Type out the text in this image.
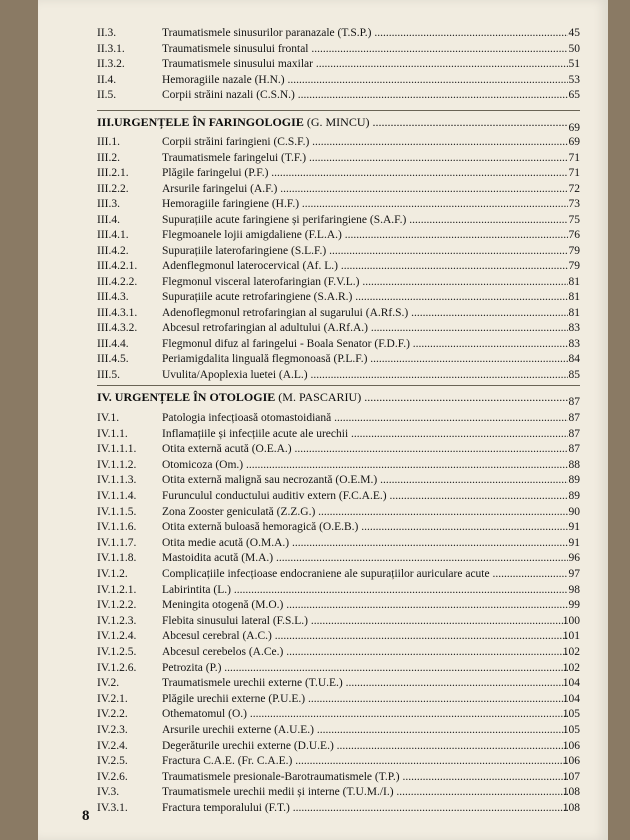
II.3.	Traumatismele sinusurilor paranazale (T.S.P.) .....	45
II.3.1.	Traumatismele sinusului frontal .....	50
II.3.2.	Traumatismele sinusului maxilar .....	51
II.4.	Hemoragiile nazale (H.N.) .....	53
II.5.	Corpii străini nazali (C.S.N.) .....	65
III.URGENȚELE ÎN FARINGOLOGIE (G. MINCU) .....	69
III.1.	Corpii străini faringieni (C.S.F.) .....	69
III.2.	Traumatismele faringelui (T.F.) .....	71
III.2.1.	Plăgile faringelui (P.F.) .....	71
III.2.2.	Arsurile faringelui (A.F.) .....	72
III.3.	Hemoragiile faringiene (H.F.) .....	73
III.4.	Supurațiile acute faringiene și perifaringiene (S.A.F.) .....	75
III.4.1.	Flegmoanele lojii amigdaliene (F.L.A.) .....	76
III.4.2.	Supurațiile laterofaringiene (S.L.F.) .....	79
III.4.2.1. Adenflegmonul laterocervical (Af. L.) .....	79
III.4.2.2. Flegmonul visceral laterofaringian (F.V.L.) .....	81
III.4.3.	Supurațiile acute retrofaringiene (S.A.R.) .....	81
III.4.3.1. Adenoflegmonul retrofaringian al sugarului (A.Rf.S.) .....	81
III.4.3.2. Abcesul retrofaringian al adultului (A.Rf.A.) .....	83
III.4.4.	Flegmonul difuz al faringelui - Boala Senator (F.D.F.) .....	83
III.4.5.	Periamigdalita linguală flegmonoasă (P.L.F.) .....	84
III.5.	Uvulita/Apoplexia luetei (A.L.) .....	85
IV. URGENȚELE ÎN OTOLOGIE (M. PASCARIU) .....	87
IV.1.	Patologia infecțioasă otomastoidiană .....	87
IV.1.1.	Inflamațiile și infecțiile acute ale urechii .....	87
IV.1.1.1. Otita externă acută (O.E.A.) .....	87
IV.1.1.2. Otomicoza (Om.) .....	88
IV.1.1.3. Otita externă malignă sau necrozantă (O.E.M.) .....	89
IV.1.1.4. Furunculul conductului auditiv extern (F.C.A.E.) .....	89
IV.1.1.5. Zona Zooster geniculată (Z.Z.G.) .....	90
IV.1.1.6. Otita externă buloasă hemoragică (O.E.B.) .....	91
IV.1.1.7. Otita medie acută (O.M.A.) .....	91
IV.1.1.8. Mastoidita acută (M.A.) .....	96
IV.1.2.	Complicațiile infecțioase endocraniene ale supurațiilor auriculare acute .....	97
IV.1.2.1. Labirintita (L.) .....	98
IV.1.2.2. Meningita otogenă (M.O.) .....	99
IV.1.2.3. Flebita sinusului lateral (F.S.L.) .....	100
IV.1.2.4. Abcesul cerebral (A.C.) .....	101
IV.1.2.5. Abcesul cerebelos (A.Ce.) .....	102
IV.1.2.6. Petrozita (P.) .....	102
IV.2.	Traumatismele urechii externe (T.U.E.) .....	104
IV.2.1.	Plăgile urechii externe (P.U.E.) .....	104
IV.2.2.	Othematomul (O.) .....	105
IV.2.3.	Arsurile urechii externe (A.U.E.) .....	105
IV.2.4.	Degerăturile urechii externe (D.U.E.) .....	106
IV.2.5.	Fractura C.A.E. (Fr. C.A.E.) .....	106
IV.2.6.	Traumatismele presionale-Barotraumatismele (T.P.) .....	107
IV.3.	Traumatismele urechii medii și interne (T.U.M./I.) .....	108
IV.3.1.	Fractura temporalului (F.T.) .....	108
8
